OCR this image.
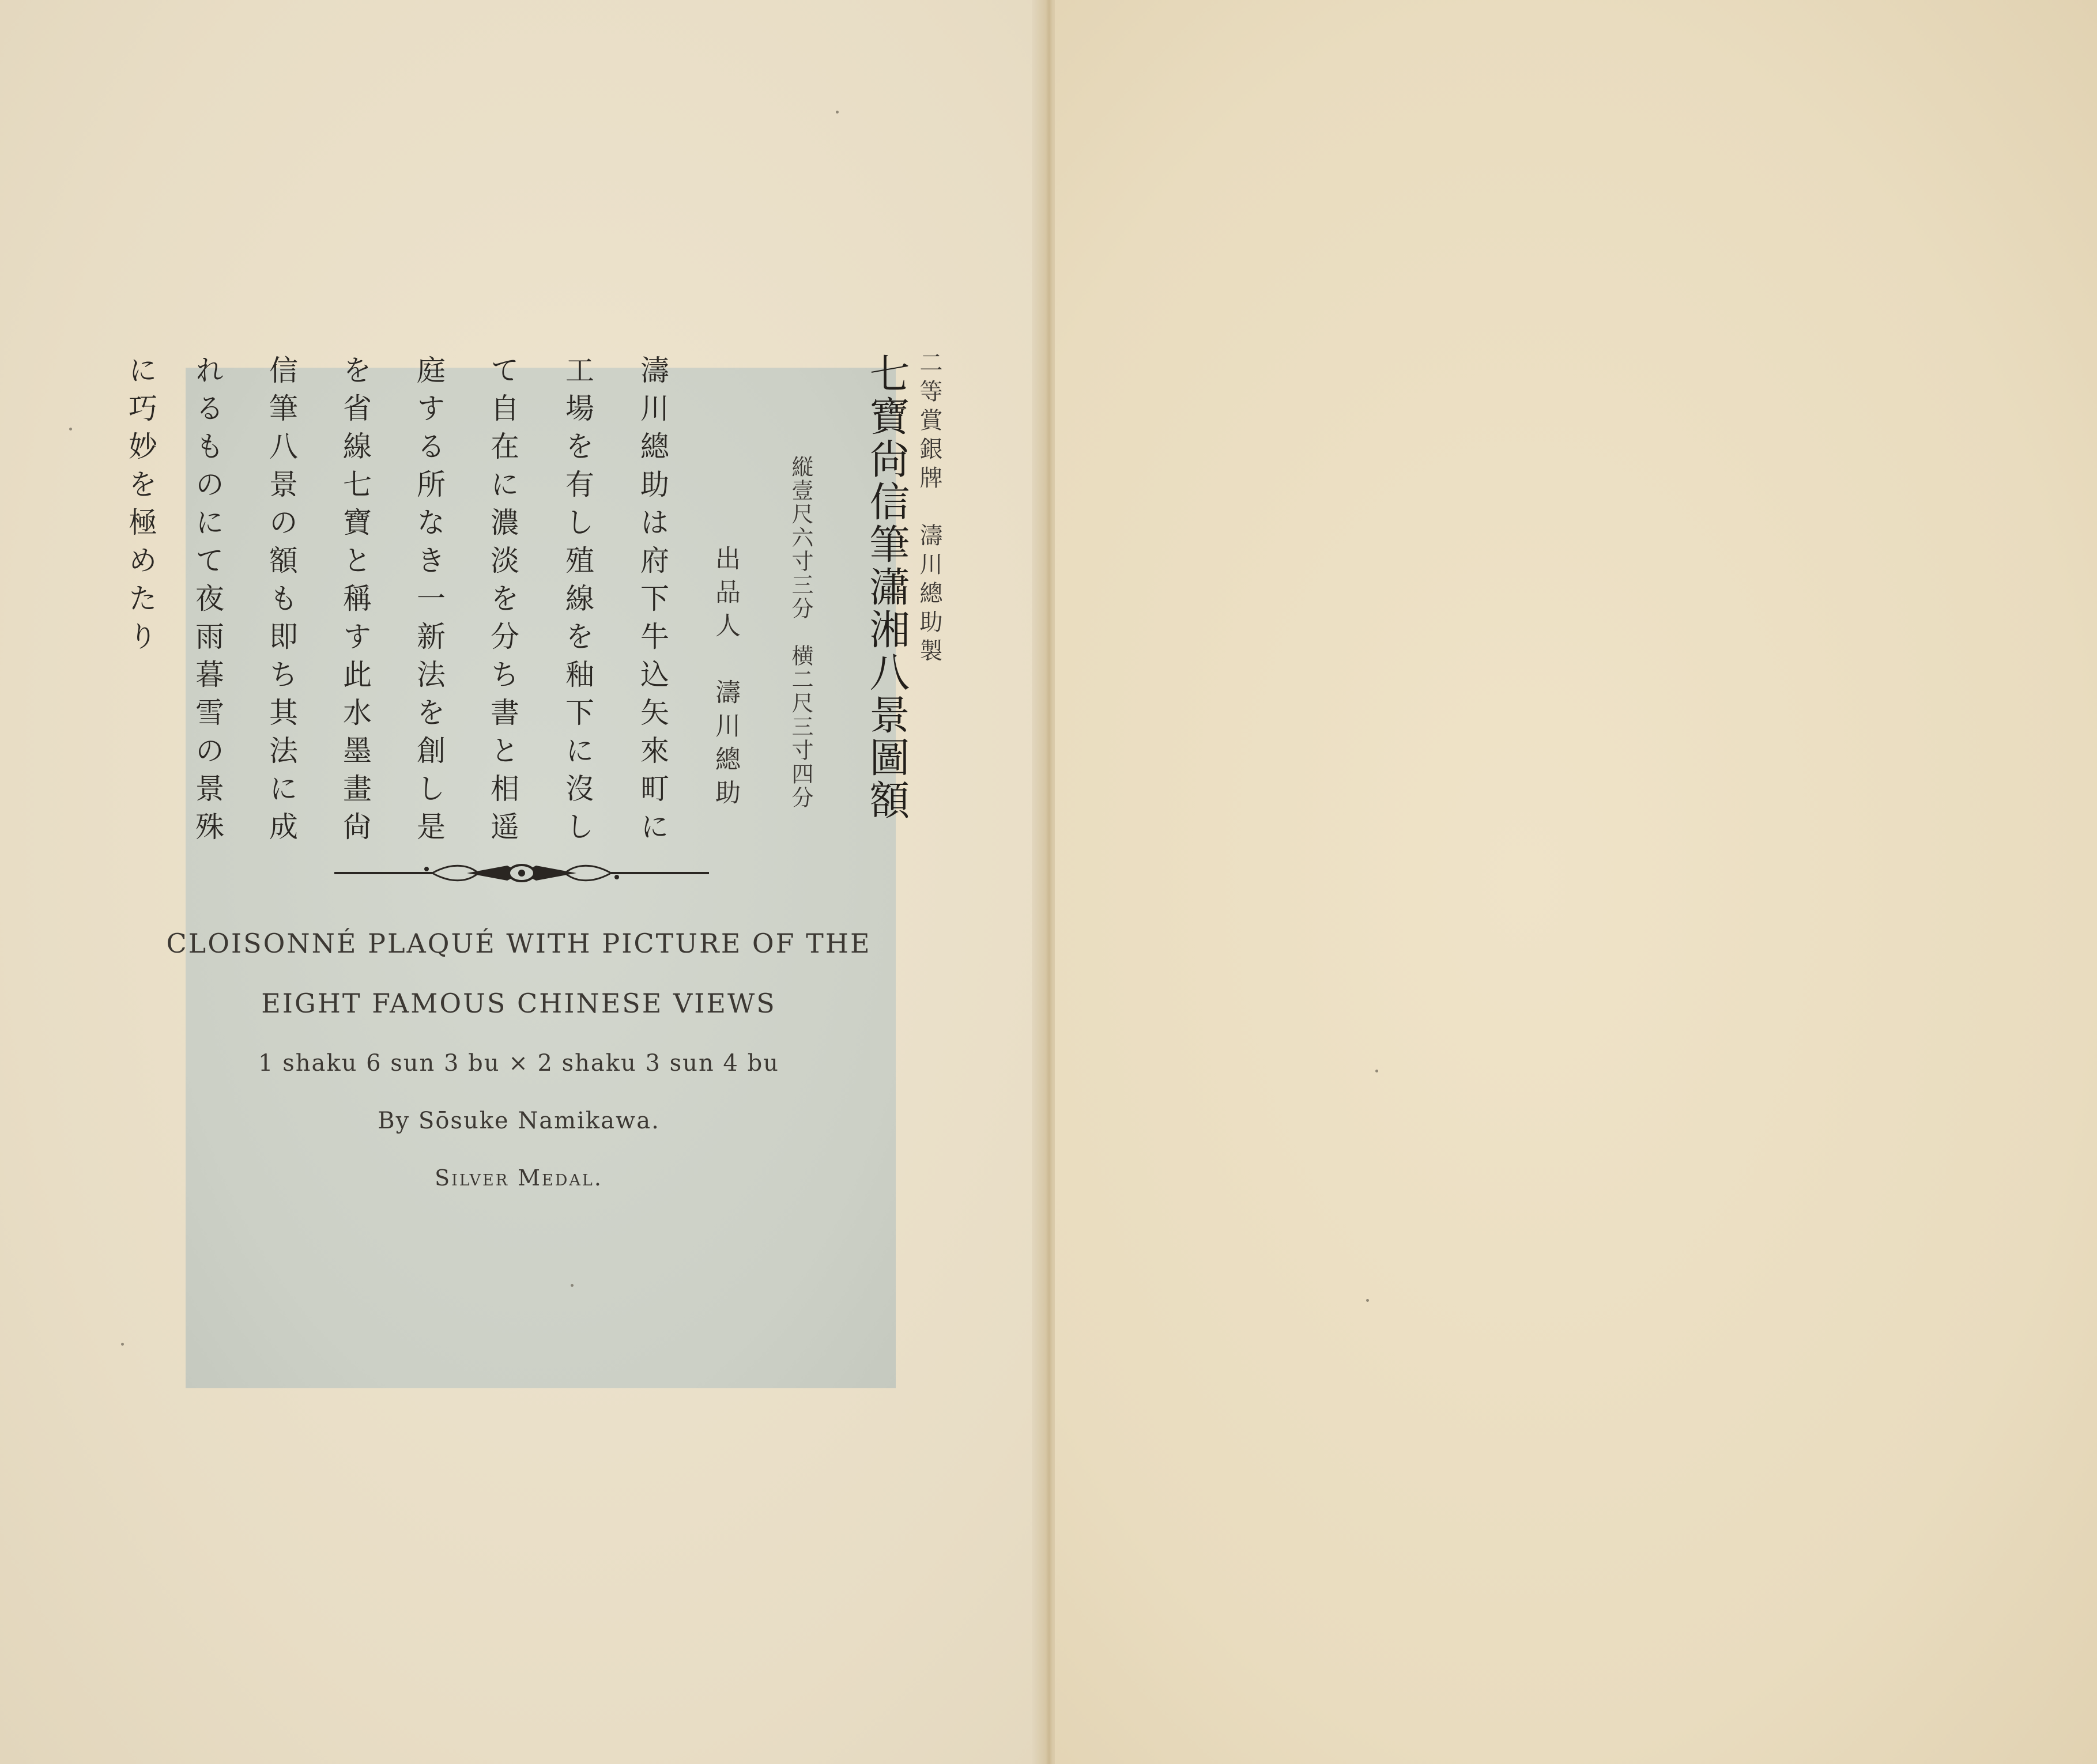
二等賞銀牌　濤川總助製

七寶尙信筆瀟湘八景圖額

縦壹尺六寸三分　横二尺三寸四分

出品人　濤川總助

濤川總助は府下牛込矢來町に

工場を有し殖線を釉下に沒し

て自在に濃淡を分ち書と相遥

庭する所なき一新法を創し是

を省線七寶と稱す此水墨畫尙

信筆八景の額も即ち其法に成

れるものにて夜雨暮雪の景殊

に巧妙を極めたり

CLOISONNÉ PLAQUÉ WITH PICTURE OF THE

EIGHT FAMOUS CHINESE VIEWS

1 shaku 6 sun 3 bu × 2 shaku 3 sun 4 bu

By Sōsuke Namikawa.

Silver Medal.
